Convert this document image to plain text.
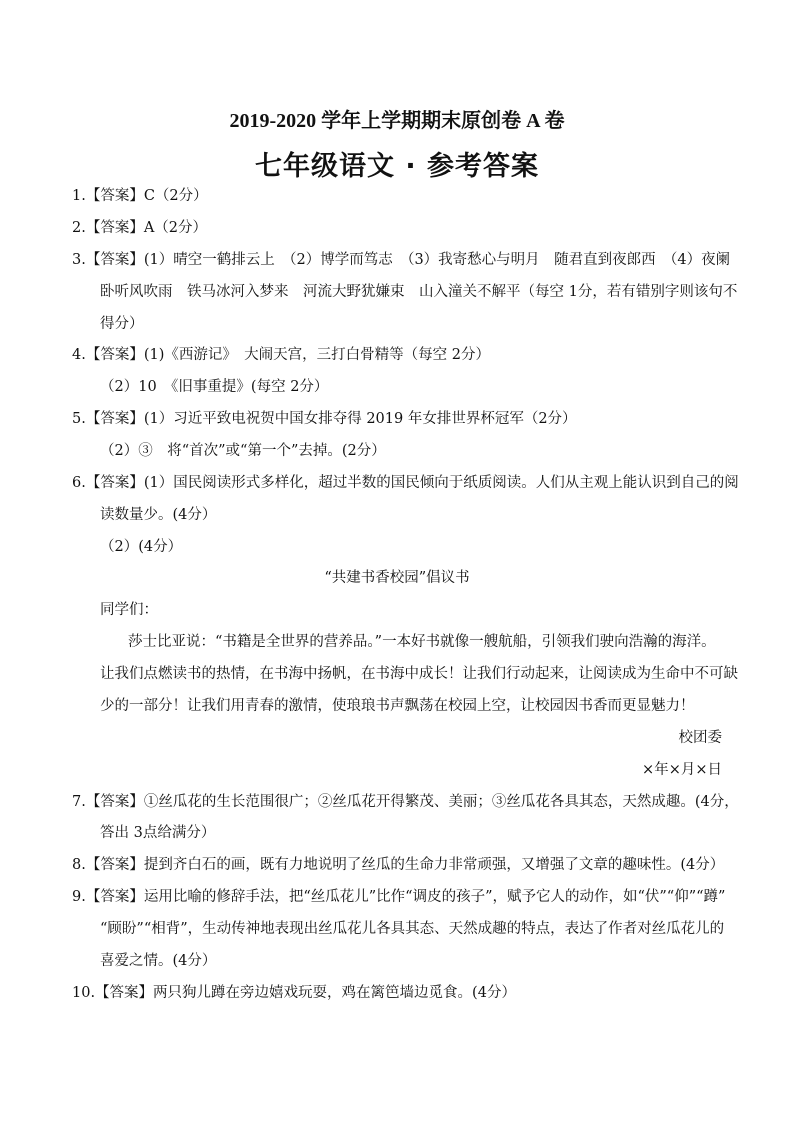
2019-2020 学年上学期期末原创卷 A 卷
七年级语文 · 参考答案
1.【答案】C（2分）
2.【答案】A（2分）
3.【答案】(1）晴空一鹤排云上　（2）博学而笃志　（3）我寄愁心与明月　随君直到夜郎西　（4）夜阑
卧听风吹雨　铁马冰河入梦来　河流大野犹嫌束　山入潼关不解平（每空 1分，若有错别字则该句不
得分）
4.【答案】(1)《西游记》　大闹天宫，三打白骨精等（每空 2分）
（2）10　《旧事重提》(每空 2分）
5.【答案】(1）习近平致电祝贺中国女排夺得 2019 年女排世界杯冠军（2分）
（2）③　将“首次”或“第一个”去掉。(2分）
6.【答案】(1）国民阅读形式多样化，超过半数的国民倾向于纸质阅读。人们从主观上能认识到自己的阅
读数量少。(4分）
（2）(4分）
“共建书香校园”倡议书
同学们：
莎士比亚说：“书籍是全世界的营养品。”一本好书就像一艘航船，引领我们驶向浩瀚的海洋。
让我们点燃读书的热情，在书海中扬帆，在书海中成长！让我们行动起来，让阅读成为生命中不可缺
少的一部分！让我们用青春的激情，使琅琅书声飘荡在校园上空，让校园因书香而更显魅力！
校团委
×年×月×日
7.【答案】①丝瓜花的生长范围很广；②丝瓜花开得繁茂、美丽；③丝瓜花各具其态，天然成趣。(4分，
答出 3点给满分）
8.【答案】提到齐白石的画，既有力地说明了丝瓜的生命力非常顽强，又增强了文章的趣味性。(4分）
9.【答案】运用比喻的修辞手法，把“丝瓜花儿”比作“调皮的孩子”，赋予它人的动作，如“伏”“仰”“蹲”
“顾盼”“相背”，生动传神地表现出丝瓜花儿各具其态、天然成趣的特点，表达了作者对丝瓜花儿的
喜爱之情。(4分）
10.【答案】两只狗儿蹲在旁边嬉戏玩耍，鸡在篱笆墙边觅食。(4分）
